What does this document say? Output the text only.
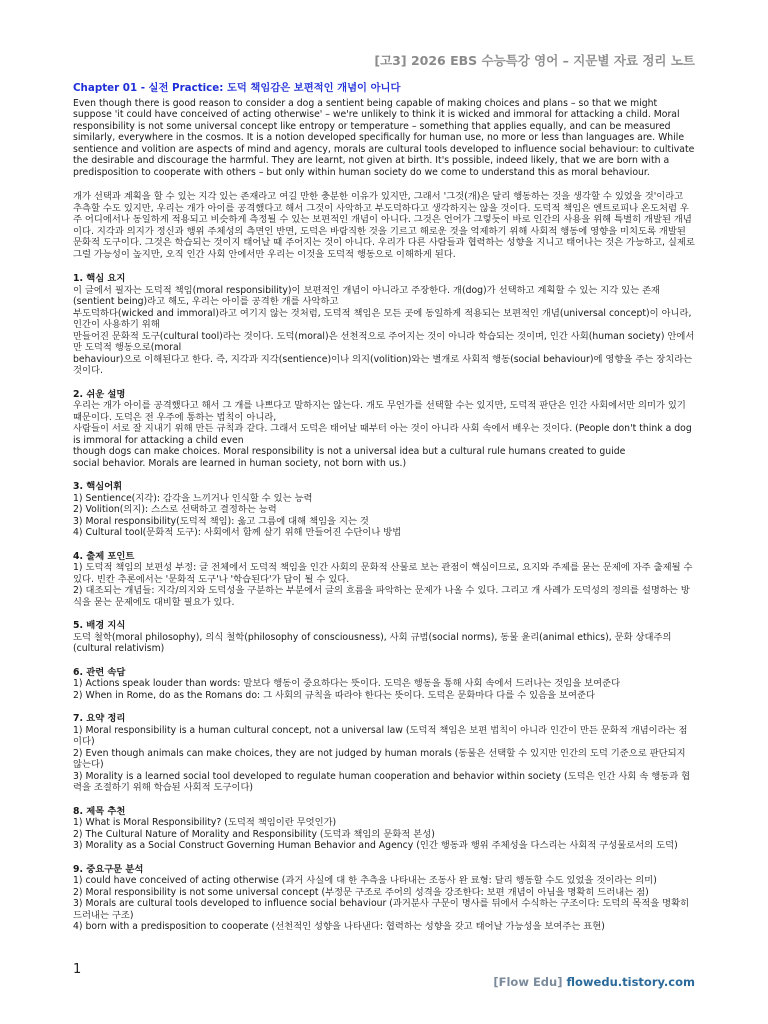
[고3] 2026 EBS 수능특강 영어 – 지문별 자료 정리 노트
Chapter 01 - 실전 Practice: 도덕 책임감은 보편적인 개념이 아니다

Even though there is good reason to consider a dog a sentient being capable of making choices and plans – so that we might suppose 'it could have conceived of acting otherwise' – we're unlikely to think it is wicked and immoral for attacking a child. Moral responsibility is not some universal concept like entropy or temperature – something that applies equally, and can be measured similarly, everywhere in the cosmos. It is a notion developed specifically for human use, no more or less than languages are. While sentience and volition are aspects of mind and agency, morals are cultural tools developed to influence social behaviour: to cultivate the desirable and discourage the harmful. They are learnt, not given at birth. It's possible, indeed likely, that we are born with a predisposition to cooperate with others – but only within human society do we come to understand this as moral behaviour.

개가 선택과 계획을 할 수 있는 지각 있는 존재라고 여길 만한 충분한 이유가 있지만, 그래서 '그것(개)은 달리 행동하는 것을 생각할 수 있었을 것'이라고 추측할 수도 있지만, 우리는 개가 아이를 공격했다고 해서 그것이 사악하고 부도덕하다고 생각하지는 않을 것이다. 도덕적 책임은 엔트로피나 온도처럼 우주 어디에서나 동일하게 적용되고 비슷하게 측정될 수 있는 보편적인 개념이 아니다. 그것은 언어가 그렇듯이 바로 인간의 사용을 위해 특별히 개발된 개념이다. 지각과 의지가 정신과 행위 주체성의 측면인 반면, 도덕은 바람직한 것을 기르고 해로운 것을 억제하기 위해 사회적 행동에 영향을 미치도록 개발된 문화적 도구이다. 그것은 학습되는 것이지 태어날 때 주어지는 것이 아니다. 우리가 다른 사람들과 협력하는 성향을 지니고 태어나는 것은 가능하고, 실제로 그럴 가능성이 높지만, 오직 인간 사회 안에서만 우리는 이것을 도덕적 행동으로 이해하게 된다.

1. 핵심 요지
이 글에서 필자는 도덕적 책임(moral responsibility)이 보편적인 개념이 아니라고 주장한다. 개(dog)가 선택하고 계획할 수 있는 지각 있는 존재(sentient being)라고 해도, 우리는 아이를 공격한 개를 사악하고
부도덕하다(wicked and immoral)라고 여기지 않는 것처럼, 도덕적 책임은 모든 곳에 동일하게 적용되는 보편적인 개념(universal concept)이 아니라, 인간이 사용하기 위해
만들어진 문화적 도구(cultural tool)라는 것이다. 도덕(moral)은 선천적으로 주어지는 것이 아니라 학습되는 것이며, 인간 사회(human society) 안에서만 도덕적 행동으로(moral
behaviour)으로 이해된다고 한다. 즉, 지각과 지각(sentience)이나 의지(volition)와는 별개로 사회적 행동(social behaviour)에 영향을 주는 장치라는 것이다.
2. 쉬운 설명
우리는 개가 아이를 공격했다고 해서 그 개를 나쁘다고 말하지는 않는다. 개도 무언가를 선택할 수는 있지만, 도덕적 판단은 인간 사회에서만 의미가 있기 때문이다. 도덕은 전 우주에 통하는 법칙이 아니라,
사람들이 서로 잘 지내기 위해 만든 규칙과 같다. 그래서 도덕은 태어날 때부터 아는 것이 아니라 사회 속에서 배우는 것이다. (People don't think a dog is immoral for attacking a child even
though dogs can make choices. Moral responsibility is not a universal idea but a cultural rule humans created to guide
social behavior. Morals are learned in human society, not born with us.)
3. 핵심어휘
1) Sentience(지각): 감각을 느끼거나 인식할 수 있는 능력
2) Volition(의지): 스스로 선택하고 결정하는 능력
3) Moral responsibility(도덕적 책임): 옳고 그름에 대해 책임을 지는 것
4) Cultural tool(문화적 도구): 사회에서 함께 살기 위해 만들어진 수단이나 방법
4. 출제 포인트
1) 도덕적 책임의 보편성 부정: 글 전체에서 도덕적 책임을 인간 사회의 문화적 산물로 보는 관점이 핵심이므로, 요지와 주제를 묻는 문제에 자주 출제될 수 있다. 빈칸 추론에서는 '문화적 도구'나 '학습된다'가 답이 될 수 있다.
2) 대조되는 개념들: 지각/의지와 도덕성을 구분하는 부분에서 글의 흐름을 파악하는 문제가 나올 수 있다. 그리고 개 사례가 도덕성의 정의를 설명하는 방식을 묻는 문제에도 대비할 필요가 있다.
5. 배경 지식
도덕 철학(moral philosophy), 의식 철학(philosophy of consciousness), 사회 규범(social norms), 동물 윤리(animal ethics), 문화 상대주의
(cultural relativism)
6. 관련 속담
1) Actions speak louder than words: 말보다 행동이 중요하다는 뜻이다. 도덕은 행동을 통해 사회 속에서 드러나는 것임을 보여준다
2) When in Rome, do as the Romans do: 그 사회의 규칙을 따라야 한다는 뜻이다. 도덕은 문화마다 다를 수 있음을 보여준다
7. 요약 정리
1) Moral responsibility is a human cultural concept, not a universal law (도덕적 책임은 보편 법칙이 아니라 인간이 만든 문화적 개념이라는 점이다)
2) Even though animals can make choices, they are not judged by human morals (동물은 선택할 수 있지만 인간의 도덕 기준으로 판단되지 않는다)
3) Morality is a learned social tool developed to regulate human cooperation and behavior within society (도덕은 인간 사회 속 행동과 협력을 조절하기 위해 학습된 사회적 도구이다)
8. 제목 추천
1) What is Moral Responsibility? (도덕적 책임이란 무엇인가)
2) The Cultural Nature of Morality and Responsibility (도덕과 책임의 문화적 본성)
3) Morality as a Social Construct Governing Human Behavior and Agency (인간 행동과 행위 주체성을 다스리는 사회적 구성물로서의 도덕)
9. 중요구문 분석
1) could have conceived of acting otherwise (과거 사실에 대 한 추측을 나타내는 조동사 완 료형: 달리 행동할 수도 있었을 것이라는 의미)
2) Moral responsibility is not some universal concept (부정문 구조로 주어의 성격을 강조한다: 보편 개념이 아님을 명확히 드러내는 점)
3) Morals are cultural tools developed to influence social behaviour (과거분사 구문이 명사를 뒤에서 수식하는 구조이다: 도덕의 목적을 명확히
드러내는 구조)
4) born with a predisposition to cooperate (선천적인 성향을 나타낸다: 협력하는 성향을 갖고 태어날 가능성을 보여주는 표현)
1
[Flow Edu] flowedu.tistory.com
